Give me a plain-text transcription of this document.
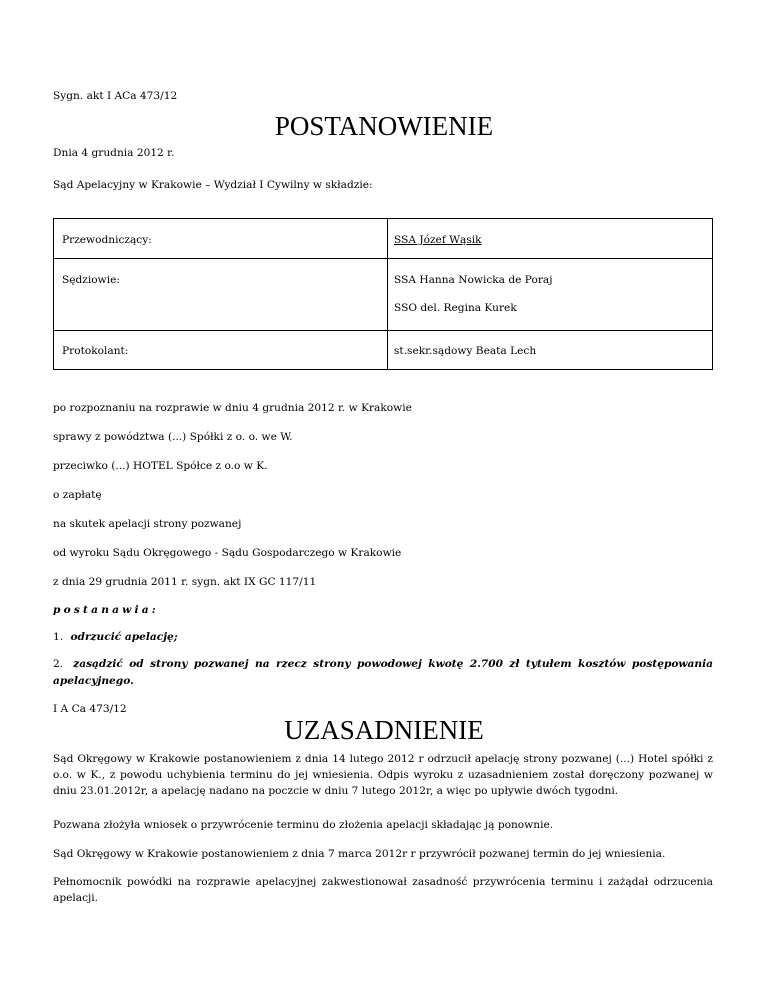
Sygn. akt I ACa 473/12
POSTANOWIENIE
Dnia 4 grudnia 2012 r.
Sąd Apelacyjny w Krakowie – Wydział I Cywilny w składzie:
Przewodniczący:	SSA Józef Wąsik
Sędziowie:	SSA Hanna Nowicka de Poraj
SSO del. Regina Kurek
Protokolant:	st.sekr.sądowy Beata Lech
po rozpoznaniu na rozprawie w dniu 4 grudnia 2012 r. w Krakowie
sprawy z powództwa (...) Spółki z o. o. we W.
przeciwko (...) HOTEL Spółce z o.o w K.
o zapłatę
na skutek apelacji strony pozwanej
od wyroku Sądu Okręgowego - Sądu Gospodarczego w Krakowie
z dnia 29 grudnia 2011 r. sygn. akt IX GC 117/11
postanawia:
1. odrzucić apelację;
2. zasądzić od strony pozwanej na rzecz strony powodowej kwotę 2.700 zł tytułem kosztów postępowania apelacyjnego.
I A Ca 473/12
UZASADNIENIE
Sąd Okręgowy w Krakowie postanowieniem z dnia 14 lutego 2012 r odrzucił apelację strony pozwanej (...) Hotel spółki z o.o. w K., z powodu uchybienia terminu do jej wniesienia. Odpis wyroku z uzasadnieniem został doręczony pozwanej w dniu 23.01.2012r, a apelację nadano na poczcie w dniu 7 lutego 2012r, a więc po upływie dwóch tygodni.
Pozwana złożyła wniosek o przywrócenie terminu do złożenia apelacji składając ją ponownie.
Sąd Okręgowy w Krakowie postanowieniem z dnia 7 marca 2012r r przywrócił pozwanej termin do jej wniesienia.
Pełnomocnik powódki na rozprawie apelacyjnej zakwestionował zasadność przywrócenia terminu i zażądał odrzucenia apelacji.
